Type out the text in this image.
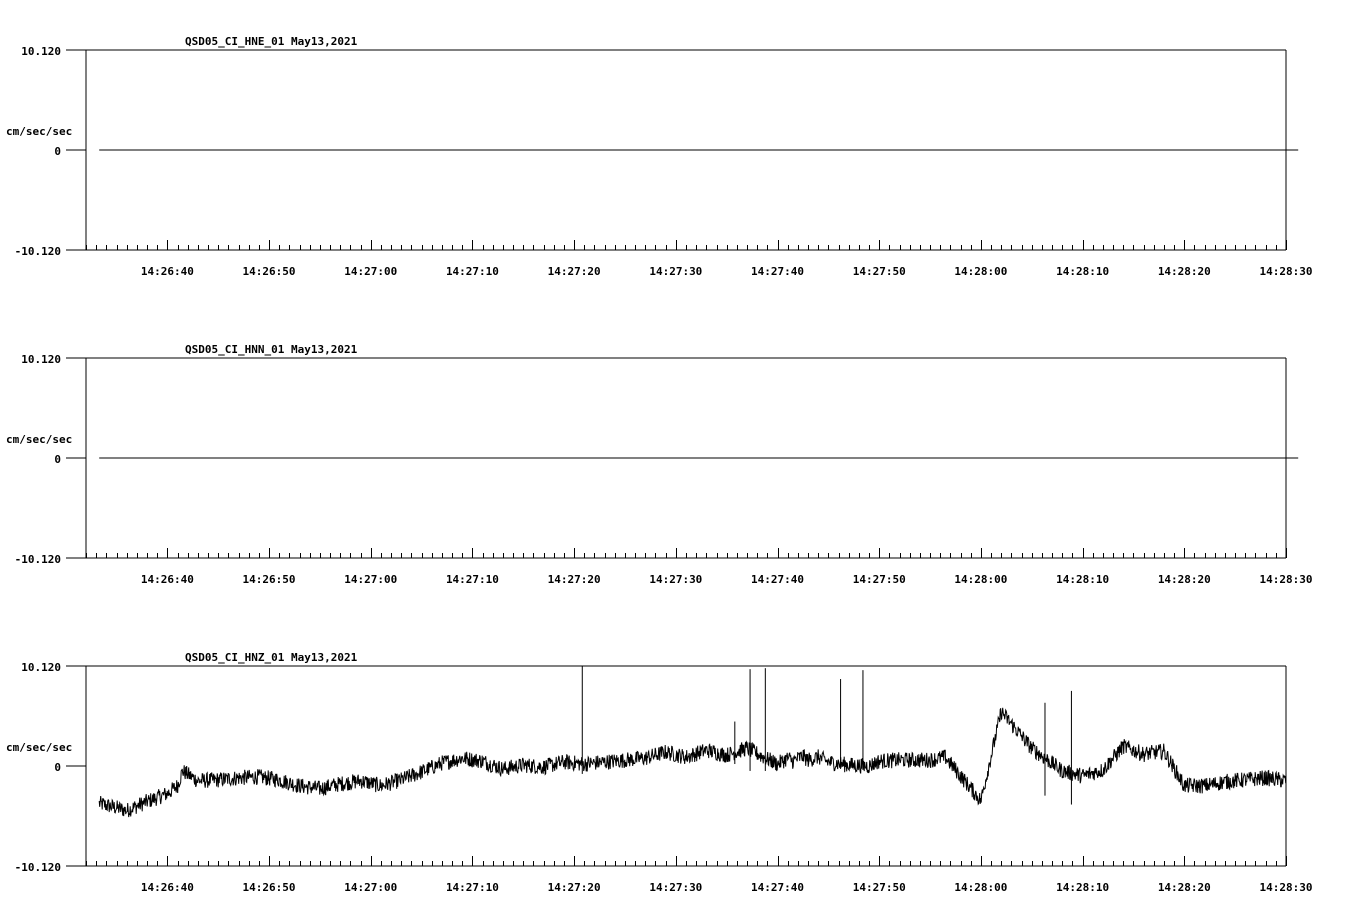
QSD05_CI_HNE_01 May13,2021
cm/sec/sec
10.120
0
-10.120
14:26:40	14:26:50	14:27:00	14:27:10	14:27:20	14:27:30	14:27:40	14:27:50	14:28:00	14:28:10	14:28:20	14:28:30
QSD05_CI_HNN_01 May13,2021
cm/sec/sec
10.120
0
-10.120
14:26:40	14:26:50	14:27:00	14:27:10	14:27:20	14:27:30	14:27:40	14:27:50	14:28:00	14:28:10	14:28:20	14:28:30
QSD05_CI_HNZ_01 May13,2021
cm/sec/sec
10.120
0
-10.120
14:26:40	14:26:50	14:27:00	14:27:10	14:27:20	14:27:30	14:27:40	14:27:50	14:28:00	14:28:10	14:28:20	14:28:30
